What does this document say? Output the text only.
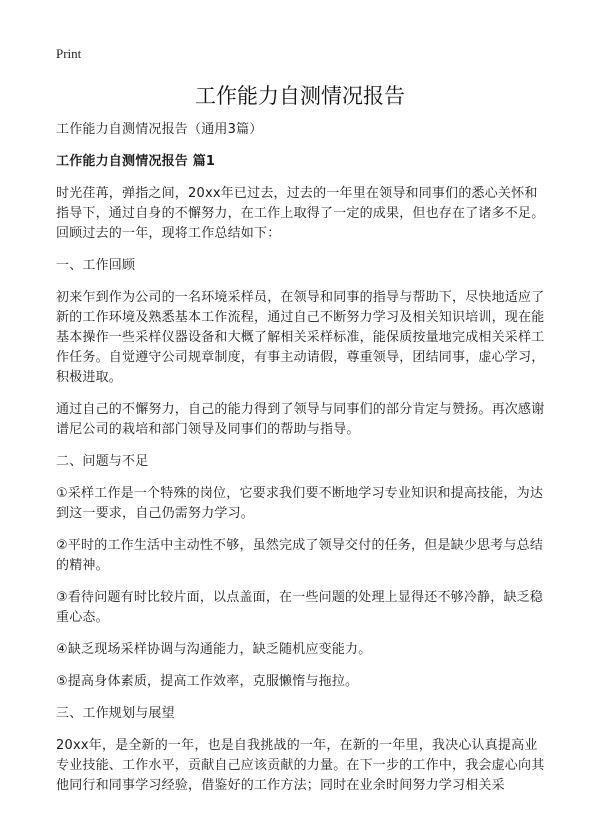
Print
工作能力自测情况报告

工作能力自测情况报告（通用3篇）

工作能力自测情况报告 篇1

时光荏苒，弹指之间，20xx年已过去，过去的一年里在领导和同事们的悉心关怀和指导下，通过自身的不懈努力，在工作上取得了一定的成果，但也存在了诸多不足。回顾过去的一年，现将工作总结如下：

一、工作回顾

初来乍到作为公司的一名环境采样员，在领导和同事的指导与帮助下，尽快地适应了新的工作环境及熟悉基本工作流程，通过自己不断努力学习及相关知识培训，现在能基本操作一些采样仪器设备和大概了解相关采样标准，能保质按量地完成相关采样工作任务。自觉遵守公司规章制度，有事主动请假，尊重领导，团结同事，虚心学习，积极进取。

通过自己的不懈努力，自己的能力得到了领导与同事们的部分肯定与赞扬。再次感谢谱尼公司的栽培和部门领导及同事们的帮助与指导。

二、问题与不足

①采样工作是一个特殊的岗位，它要求我们要不断地学习专业知识和提高技能，为达到这一要求，自己仍需努力学习。

②平时的工作生活中主动性不够，虽然完成了领导交付的任务，但是缺少思考与总结的精神。

③看待问题有时比较片面，以点盖面，在一些问题的处理上显得还不够冷静，缺乏稳重心态。

④缺乏现场采样协调与沟通能力，缺乏随机应变能力。

⑤提高身体素质，提高工作效率，克服懒惰与拖拉。

三、工作规划与展望

20xx年，是全新的一年，也是自我挑战的一年，在新的一年里，我决心认真提高业专业技能、工作水平，贡献自己应该贡献的力量。在下一步的工作中，我会虚心向其他同行和同事学习经验，借鉴好的工作方法；同时在业余时间努力学习相关采
